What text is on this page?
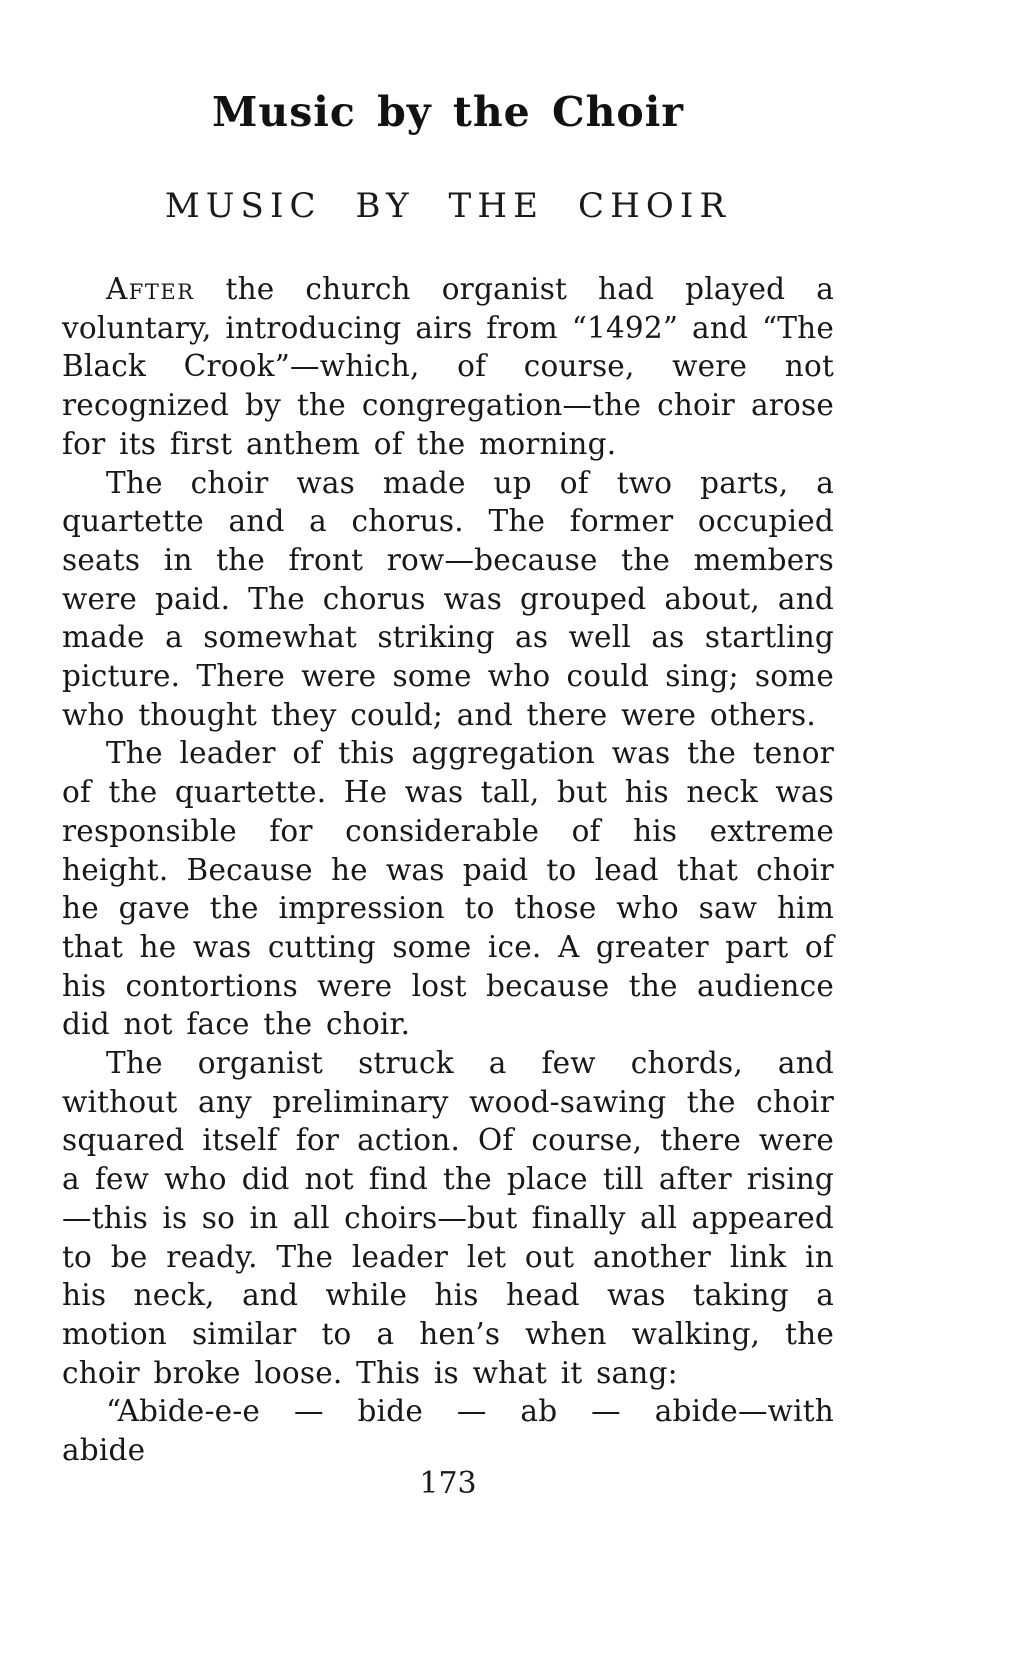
Music by the Choir
MUSIC BY THE CHOIR

After the church organist had played a voluntary, introducing airs from “1492” and “The Black Crook”—which, of course, were not recognized by the congregation—the choir arose for its first anthem of the morning.

The choir was made up of two parts, a quartette and a chorus. The former occupied seats in the front row—because the members were paid. The chorus was grouped about, and made a somewhat striking as well as startling picture. There were some who could sing; some who thought they could; and there were others.

The leader of this aggregation was the tenor of the quartette. He was tall, but his neck was responsible for considerable of his extreme height. Because he was paid to lead that choir he gave the impression to those who saw him that he was cutting some ice. A greater part of his contortions were lost because the audience did not face the choir.

The organist struck a few chords, and without any preliminary wood-sawing the choir squared itself for action. Of course, there were a few who did not find the place till after rising—this is so in all choirs—but finally all appeared to be ready. The leader let out another link in his neck, and while his head was taking a motion similar to a hen’s when walking, the choir broke loose. This is what it sang:

“Abide-e-e — bide — ab — abide—with abide

173
